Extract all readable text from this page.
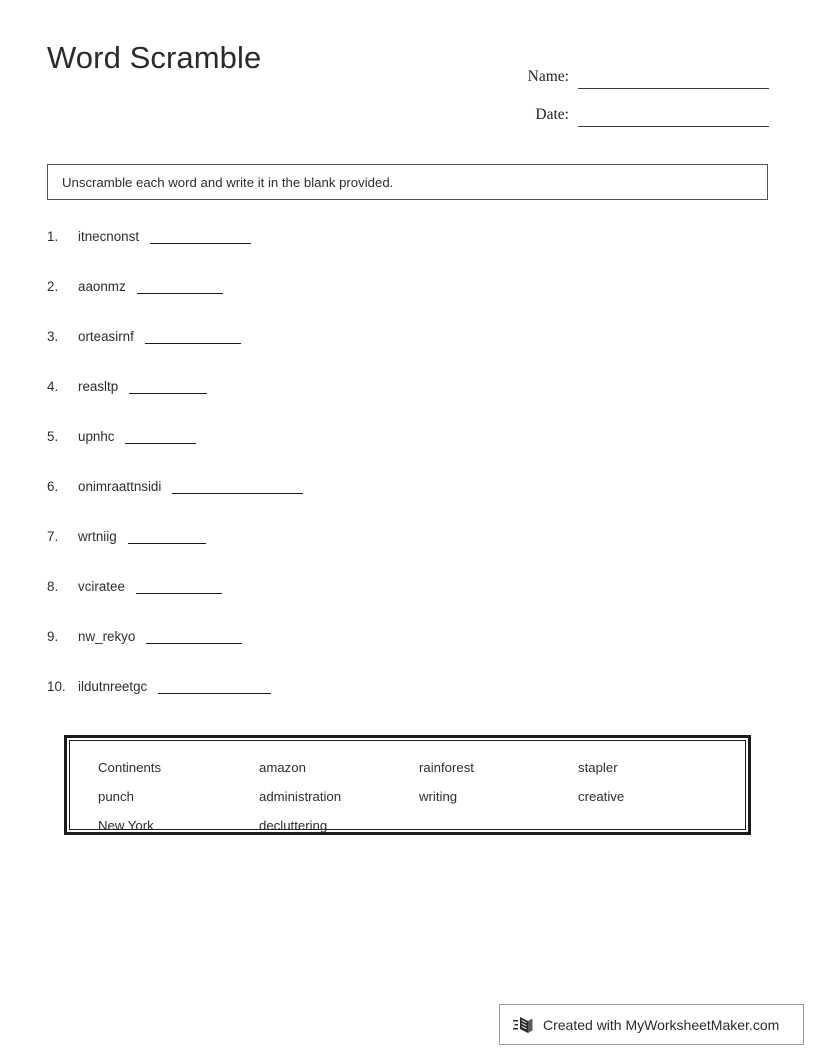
Word Scramble
Name:
Date:
Unscramble each word and write it in the blank provided.
1.	itnecnonst
2.	aaonmz
3.	orteasirnf
4.	reasltp
5.	upnhc
6.	onimraattnsidi
7.	wrtniig
8.	vciratee
9.	nw_rekyo
10. ildutnreetgc
Continents	amazon	rainforest	stapler
punch	administration	writing	creative
New York	decluttering
Created with MyWorksheetMaker.com
